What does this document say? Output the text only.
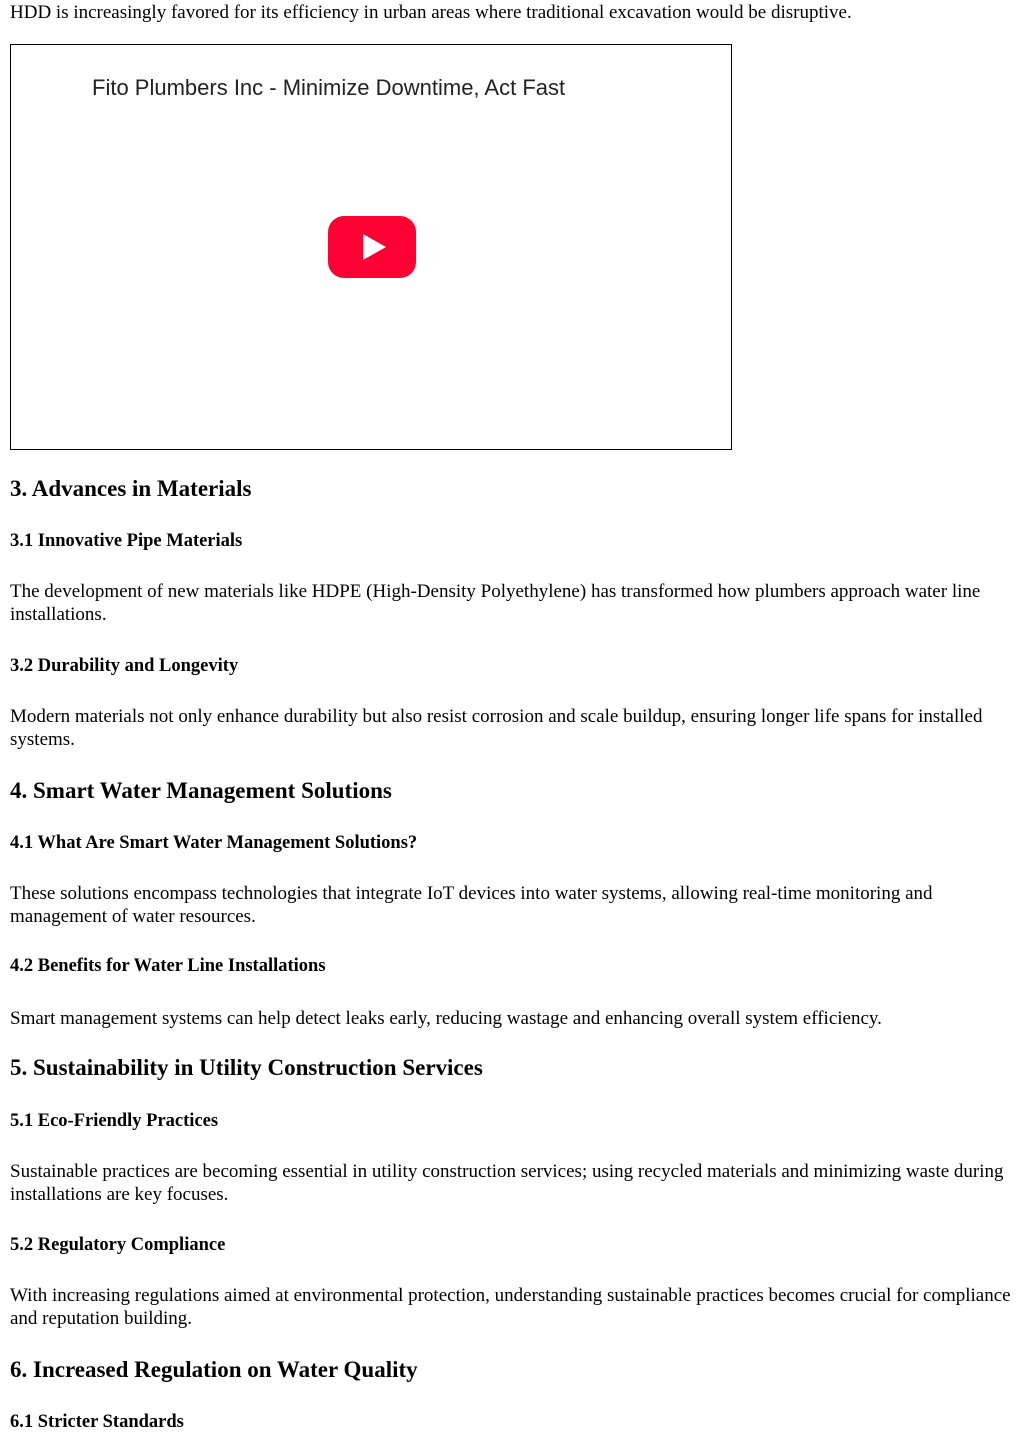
HDD is increasingly favored for its efficiency in urban areas where traditional excavation would be disruptive.

Fito Plumbers Inc - Minimize Downtime, Act Fast
3. Advances in Materials
3.1 Innovative Pipe Materials

The development of new materials like HDPE (High-Density Polyethylene) has transformed how plumbers approach water line installations.

3.2 Durability and Longevity

Modern materials not only enhance durability but also resist corrosion and scale buildup, ensuring longer life spans for installed systems.

4. Smart Water Management Solutions
4.1 What Are Smart Water Management Solutions?

These solutions encompass technologies that integrate IoT devices into water systems, allowing real-time monitoring and management of water resources.

4.2 Benefits for Water Line Installations

Smart management systems can help detect leaks early, reducing wastage and enhancing overall system efficiency.

5. Sustainability in Utility Construction Services
5.1 Eco-Friendly Practices

Sustainable practices are becoming essential in utility construction services; using recycled materials and minimizing waste during installations are key focuses.

5.2 Regulatory Compliance

With increasing regulations aimed at environmental protection, understanding sustainable practices becomes crucial for compliance and reputation building.

6. Increased Regulation on Water Quality
6.1 Stricter Standards
